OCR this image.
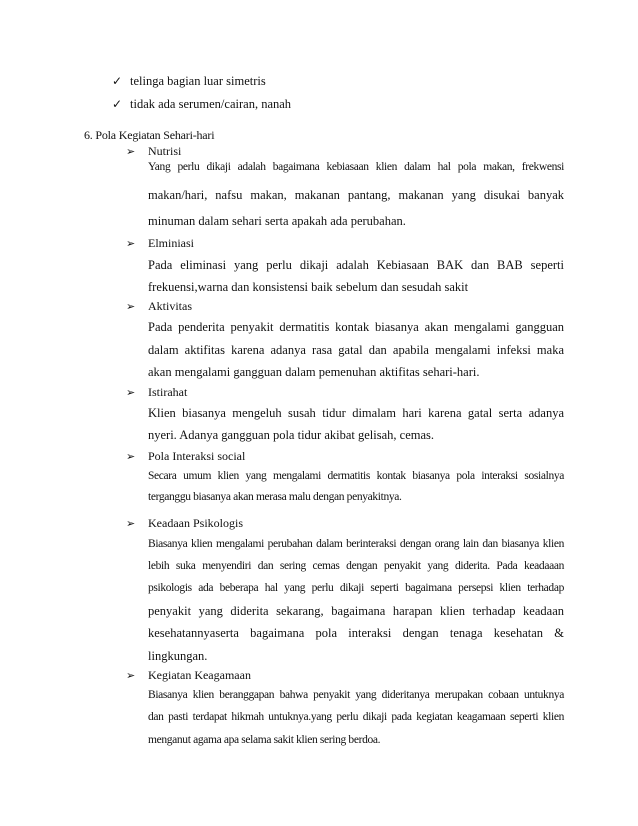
✓ telinga bagian luar simetris
✓ tidak ada serumen/cairan, nanah
6. Pola Kegiatan Sehari-hari
➢ Nutrisi
Yang perlu dikaji adalah bagaimana kebiasaan klien dalam hal pola makan, frekwensi
makan/hari, nafsu makan, makanan pantang, makanan yang disukai banyak
minuman dalam sehari serta apakah ada perubahan.
➢ Elminiasi
Pada eliminasi yang perlu dikaji adalah Kebiasaan BAK dan BAB seperti
frekuensi,warna dan konsistensi baik sebelum dan sesudah sakit
➢ Aktivitas
Pada penderita penyakit dermatitis kontak biasanya akan mengalami gangguan
dalam aktifitas karena adanya rasa gatal dan apabila mengalami infeksi maka
akan mengalami gangguan dalam pemenuhan aktifitas sehari-hari.
➢ Istirahat
Klien biasanya mengeluh susah tidur dimalam hari karena gatal serta adanya
nyeri. Adanya gangguan pola tidur akibat gelisah, cemas.
➢ Pola Interaksi social
Secara umum klien yang mengalami dermatitis kontak biasanya pola interaksi sosialnya
terganggu biasanya akan merasa malu dengan penyakitnya.
➢ Keadaan Psikologis
Biasanya klien mengalami perubahan dalam berinteraksi dengan orang lain dan biasanya klien
lebih suka menyendiri dan sering cemas dengan penyakit yang diderita. Pada keadaaan
psikologis ada beberapa hal yang perlu dikaji seperti bagaimana persepsi klien terhadap
penyakit yang diderita sekarang, bagaimana harapan klien terhadap keadaan
kesehatannyaserta bagaimana pola interaksi dengan tenaga kesehatan &
lingkungan.
➢ Kegiatan Keagamaan
Biasanya klien beranggapan bahwa penyakit yang dideritanya merupakan cobaan untuknya
dan pasti terdapat hikmah untuknya.yang perlu dikaji pada kegiatan keagamaan seperti klien
menganut agama apa selama sakit klien sering berdoa.
